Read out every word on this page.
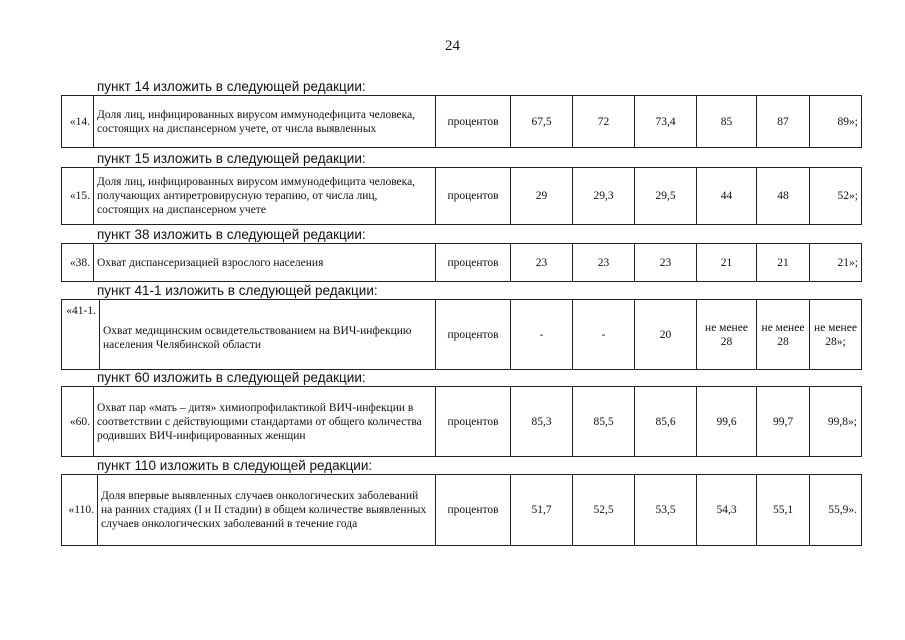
24
пункт 14 изложить в следующей редакции:
«14.	Доля лиц, инфицированных вирусом иммунодефицита человека, состоящих на диспансерном учете, от числа выявленных	процентов	67,5	72	73,4	85	87	89»;
пункт 15 изложить в следующей редакции:
«15.	Доля лиц, инфицированных вирусом иммунодефицита человека, получающих антиретровирусную терапию, от числа лиц, состоящих на диспансерном учете	процентов	29	29,3	29,5	44	48	52»;
пункт 38 изложить в следующей редакции:
«38.	Охват диспансеризацией взрослого населения	процентов	23	23	23	21	21	21»;
пункт 41-1 изложить в следующей редакции:
«41-1.	Охват медицинским освидетельствованием на ВИЧ-инфекцию населения Челябинской области	процентов	-	-	20	не менее 28	не менее 28	не менее 28»;
пункт 60 изложить в следующей редакции:
«60.	Охват пар «мать – дитя» химиопрофилактикой ВИЧ-инфекции в соответствии с действующими стандартами от общего количества родивших ВИЧ-инфицированных женщин	процентов	85,3	85,5	85,6	99,6	99,7	99,8»;
пункт 110 изложить в следующей редакции:
«110.	Доля впервые выявленных случаев онкологических заболеваний на ранних стадиях (I и II стадии) в общем количестве выявленных случаев онкологических заболеваний в течение года	процентов	51,7	52,5	53,5	54,3	55,1	55,9».
